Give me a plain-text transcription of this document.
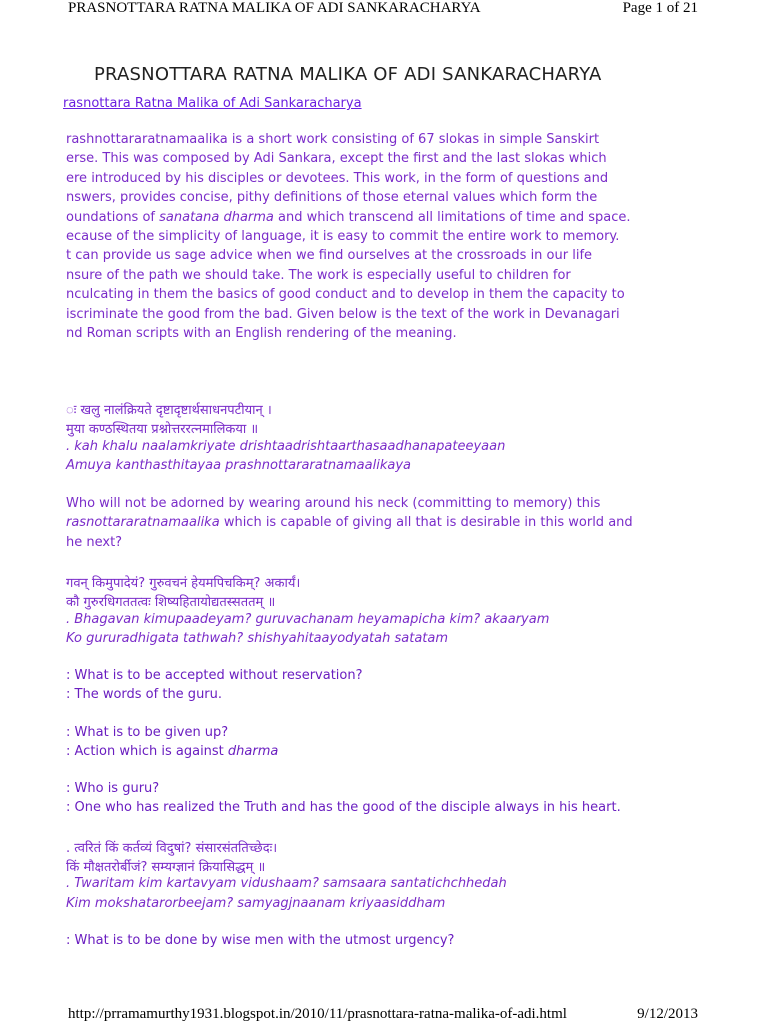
PRASNOTTARA RATNA MALIKA OF ADI SANKARACHARYA	Page 1 of 21
PRASNOTTARA RATNA MALIKA OF ADI SANKARACHARYA
rasnottara Ratna Malika of Adi Sankaracharya
rashnottararatnamaalika is a short work consisting of 67 slokas in simple Sanskirt
erse. This was composed by Adi Sankara, except the first and the last slokas which
ere introduced by his disciples or devotees. This work, in the form of questions and
nswers, provides concise, pithy definitions of those eternal values which form the
oundations of sanatana dharma and which transcend all limitations of time and space.
ecause of the simplicity of language, it is easy to commit the entire work to memory.
t can provide us sage advice when we find ourselves at the crossroads in our life
nsure of the path we should take. The work is especially useful to children for
nculcating in them the basics of good conduct and to develop in them the capacity to
iscriminate the good from the bad. Given below is the text of the work in Devanagari
nd Roman scripts with an English rendering of the meaning.
ः खलु नालंक्रियते दृष्टादृष्टार्थसाधनपटीयान् ।
मुया कण्ठस्थितया प्रश्नोत्तररत्नमालिकया ॥
. kah khalu naalamkriyate drishtaadrishtaarthasaadhanapateeyaan
Amuya kanthasthitayaa prashnottararatnamaalikaya
Who will not be adorned by wearing around his neck (committing to memory) this
rasnottararatnamaalika which is capable of giving all that is desirable in this world and
he next?
गवन् किमुपादेयं? गुरुवचनं हेयमपिचकिम्? अकार्यं।
कौ गुरुरधिगततत्वः शिष्यहितायोद्यतस्सततम् ॥
. Bhagavan kimupaadeyam? guruvachanam heyamapicha kim? akaaryam
Ko gururadhigata tathwah? shishyahitaayodyatah satatam
: What is to be accepted without reservation?
: The words of the guru.
: What is to be given up?
: Action which is against dharma
: Who is guru?
: One who has realized the Truth and has the good of the disciple always in his heart.
. त्वरितं किं कर्तव्यं विदुषां? संसारसंततिच्छेदः।
किं मौक्षतरोर्बीजं? सम्यग्ज्ञानं क्रियासिद्धम् ॥
. Twaritam kim kartavyam vidushaam? samsaara santatichchhedah
Kim mokshatarorbeejam? samyagjnaanam kriyaasiddham
: What is to be done by wise men with the utmost urgency?
http://prramamurthy1931.blogspot.in/2010/11/prasnottara-ratna-malika-of-adi.html	9/12/2013
